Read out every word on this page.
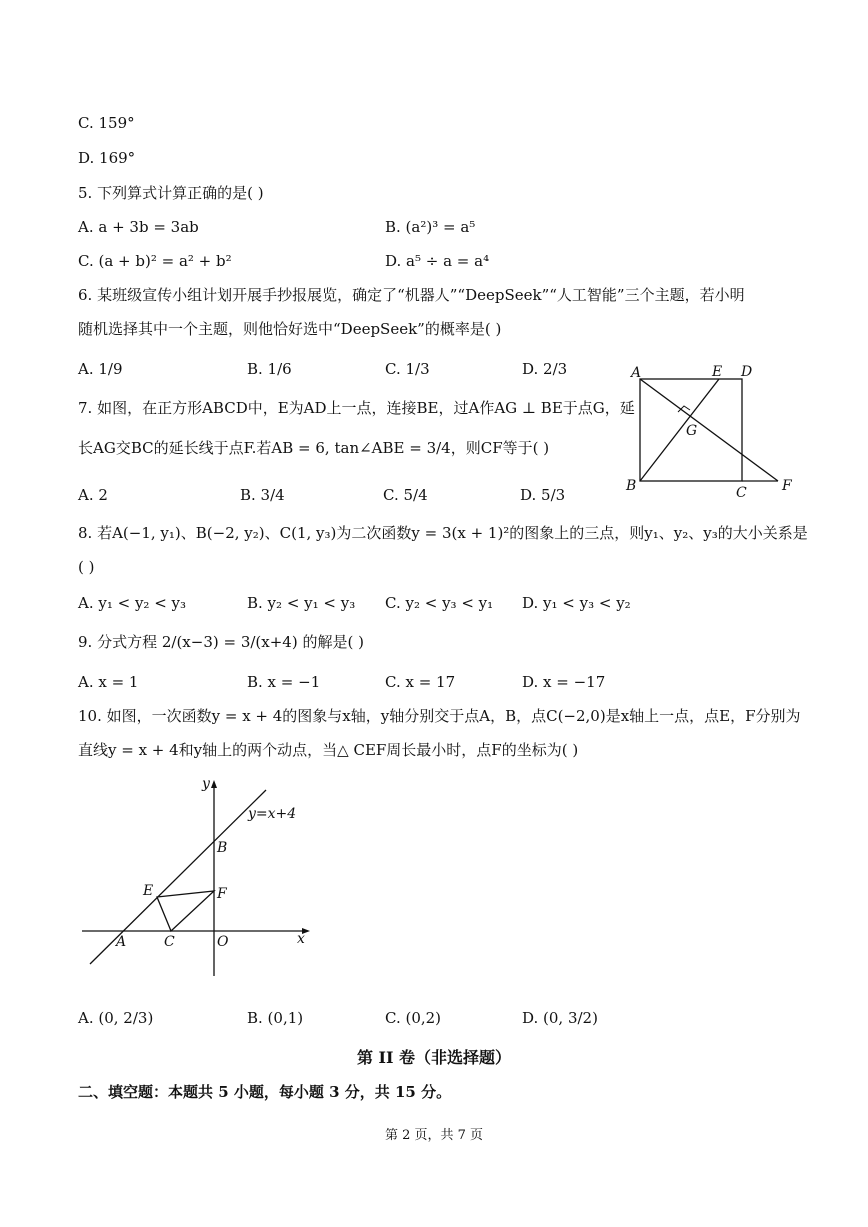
C. 159°
D. 169°
5. 下列算式计算正确的是( )
A. a + 3b = 3ab	B. (a²)³ = a⁵
C. (a + b)² = a² + b²	D. a⁵ ÷ a = a⁴
6. 某班级宣传小组计划开展手抄报展览，确定了“机器人”“DeepSeek”“人工智能”三个主题，若小明
随机选择其中一个主题，则他恰好选中“DeepSeek”的概率是( )
A. 1/9	B. 1/6	C. 1/3	D. 2/3
7. 如图，在正方形ABCD中，E为AD上一点，连接BE，过A作AG ⊥ BE于点G，延
长AG交BC的延长线于点F.若AB = 6, tan∠ABE = 3/4，则CF等于( )
A. 2	B. 3/4	C. 5/4	D. 5/3
A	E D
G
B	C	F
8. 若A(−1, y₁)、B(−2, y₂)、C(1, y₃)为二次函数y = 3(x + 1)²的图象上的三点，则y₁、y₂、y₃的大小关系是
( )
A. y₁ < y₂ < y₃	B. y₂ < y₁ < y₃ C. y₂ < y₃ < y₁ D. y₁ < y₃ < y₂
9. 分式方程 2/(x−3) = 3/(x+4) 的解是( )
A. x = 1	B. x = −1	C. x = 17	D. x = −17
10. 如图，一次函数y = x + 4的图象与x轴，y轴分别交于点A，B，点C(−2,0)是x轴上一点，点E，F分别为
直线y = x + 4和y轴上的两个动点，当△ CEF周长最小时，点F的坐标为( )
y
y=x+4
B
E	F
A	C	O	x
A. (0, 2/3)	B. (0,1)	C. (0,2)	D. (0, 3/2)
第 II 卷（非选择题）
二、填空题：本题共 5 小题，每小题 3 分，共 15 分。
第 2 页，共 7 页
